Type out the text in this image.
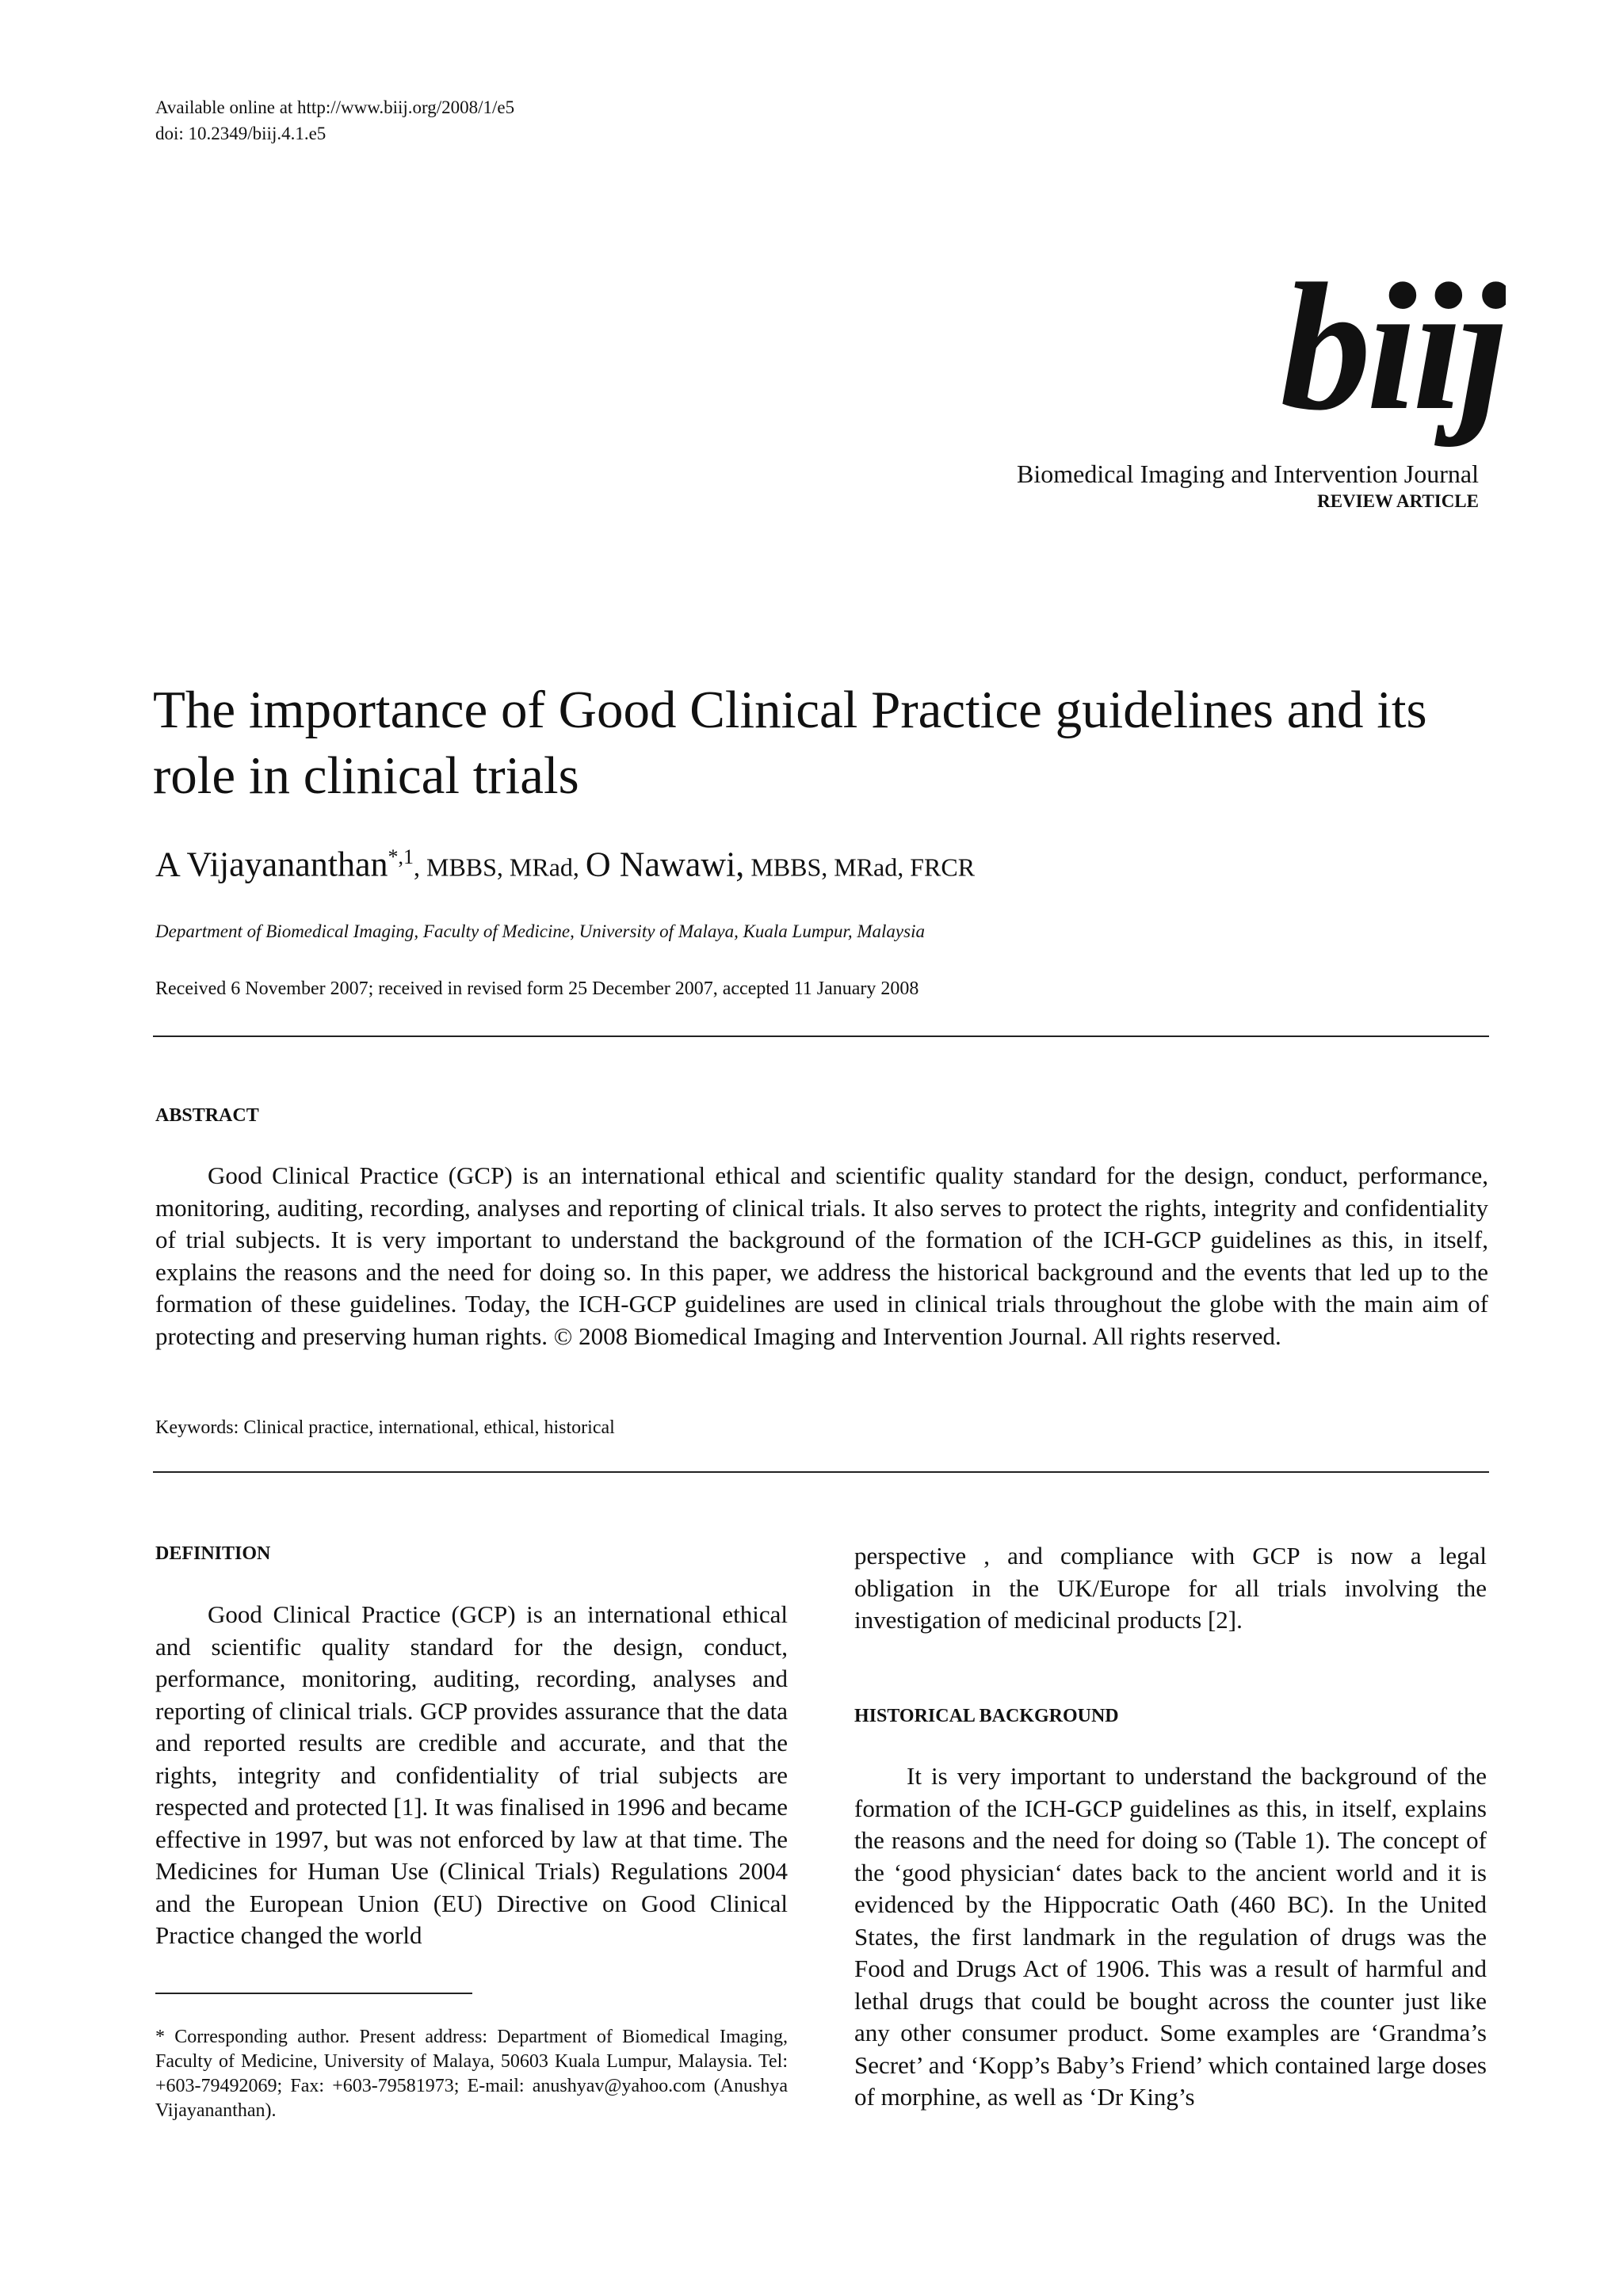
Available online at http://www.biij.org/2008/1/e5
doi: 10.2349/biij.4.1.e5
biij
Biomedical Imaging and Intervention Journal
REVIEW ARTICLE
The importance of Good Clinical Practice guidelines and its role in clinical trials
A Vijayananthan$^{*,1}$, MBBS, MRad, O Nawawi, MBBS, MRad, FRCR
Department of Biomedical Imaging, Faculty of Medicine, University of Malaya, Kuala Lumpur, Malaysia
Received 6 November 2007; received in revised form 25 December 2007, accepted 11 January 2008
ABSTRACT

Good Clinical Practice (GCP) is an international ethical and scientific quality standard for the design, conduct, performance, monitoring, auditing, recording, analyses and reporting of clinical trials. It also serves to protect the rights, integrity and confidentiality of trial subjects. It is very important to understand the background of the formation of the ICH-GCP guidelines as this, in itself, explains the reasons and the need for doing so. In this paper, we address the historical background and the events that led up to the formation of these guidelines. Today, the ICH-GCP guidelines are used in clinical trials throughout the globe with the main aim of protecting and preserving human rights. © 2008 Biomedical Imaging and Intervention Journal. All rights reserved.

Keywords: Clinical practice, international, ethical, historical
DEFINITION

Good Clinical Practice (GCP) is an international ethical and scientific quality standard for the design, conduct, performance, monitoring, auditing, recording, analyses and reporting of clinical trials. GCP provides assurance that the data and reported results are credible and accurate, and that the rights, integrity and confidentiality of trial subjects are respected and protected [1]. It was finalised in 1996 and became effective in 1997, but was not enforced by law at that time. The Medicines for Human Use (Clinical Trials) Regulations 2004 and the European Union (EU) Directive on Good Clinical Practice changed the world

* Corresponding author. Present address: Department of Biomedical Imaging, Faculty of Medicine, University of Malaya, 50603 Kuala Lumpur, Malaysia. Tel: +603-79492069; Fax: +603-79581973; E-mail: anushyav@yahoo.com (Anushya Vijayananthan).

perspective , and compliance with GCP is now a legal obligation in the UK/Europe for all trials involving the investigation of medicinal products [2].

HISTORICAL BACKGROUND

It is very important to understand the background of the formation of the ICH-GCP guidelines as this, in itself, explains the reasons and the need for doing so (Table 1). The concept of the ‘good physician‘ dates back to the ancient world and it is evidenced by the Hippocratic Oath (460 BC). In the United States, the first landmark in the regulation of drugs was the Food and Drugs Act of 1906. This was a result of harmful and lethal drugs that could be bought across the counter just like any other consumer product. Some examples are ‘Grandma’s Secret’ and ‘Kopp’s Baby’s Friend’ which contained large doses of morphine, as well as ‘Dr King’s
